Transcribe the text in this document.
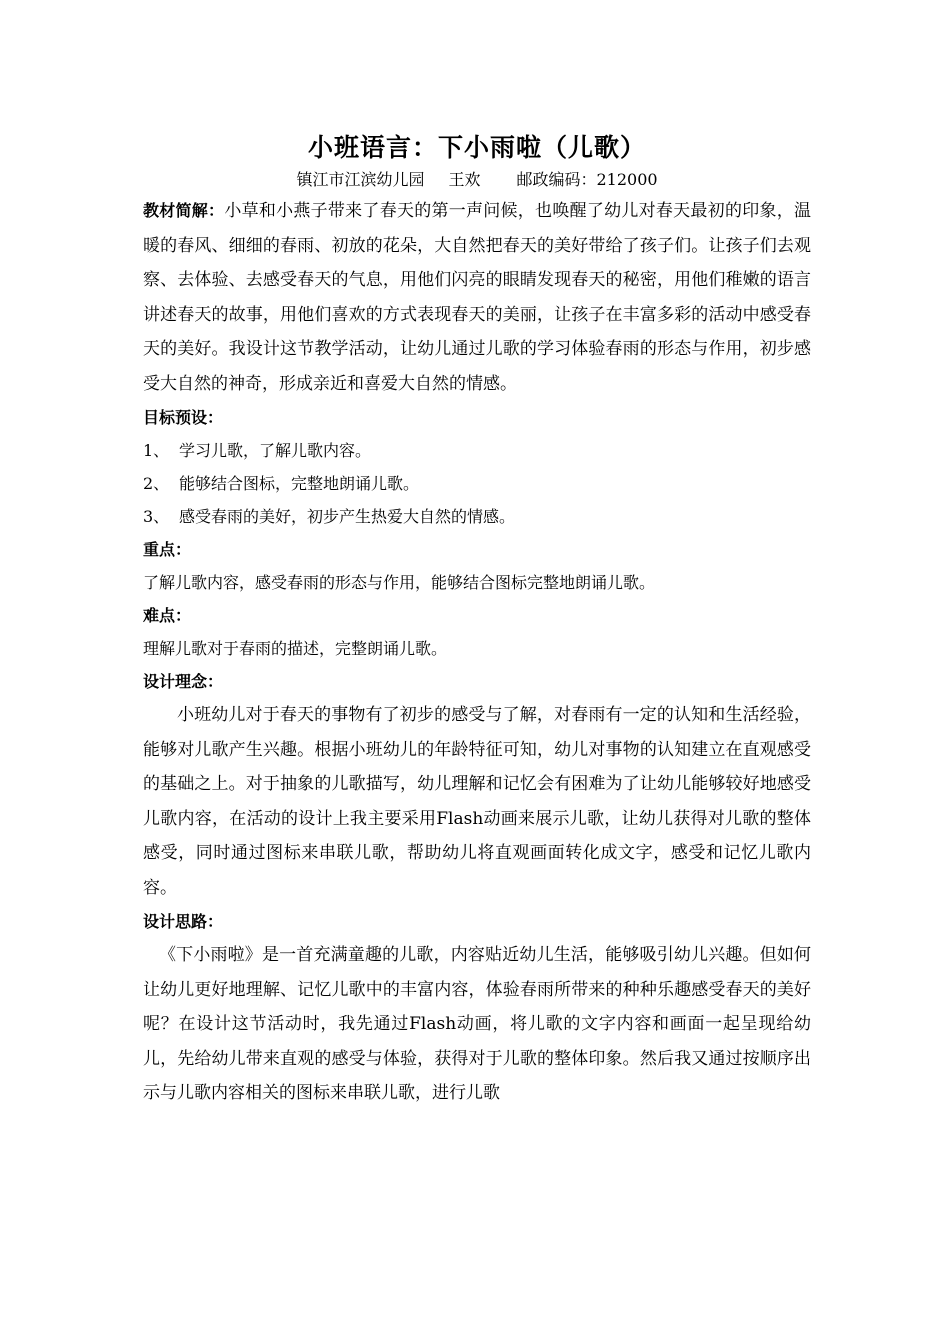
小班语言：下小雨啦（儿歌）
镇江市江滨幼儿园 王欢 邮政编码：212000

教材简解：小草和小燕子带来了春天的第一声问候，也唤醒了幼儿对春天最初的印象，温暖的春风、细细的春雨、初放的花朵，大自然把春天的美好带给了孩子们。让孩子们去观察、去体验、去感受春天的气息，用他们闪亮的眼睛发现春天的秘密，用他们稚嫩的语言讲述春天的故事，用他们喜欢的方式表现春天的美丽，让孩子在丰富多彩的活动中感受春天的美好。我设计这节教学活动，让幼儿通过儿歌的学习体验春雨的形态与作用，初步感受大自然的神奇，形成亲近和喜爱大自然的情感。

目标预设：
1、 学习儿歌，了解儿歌内容。
2、 能够结合图标，完整地朗诵儿歌。
3、 感受春雨的美好，初步产生热爱大自然的情感。
重点：

了解儿歌内容，感受春雨的形态与作用，能够结合图标完整地朗诵儿歌。

难点：

理解儿歌对于春雨的描述，完整朗诵儿歌。

设计理念：

小班幼儿对于春天的事物有了初步的感受与了解，对春雨有一定的认知和生活经验，能够对儿歌产生兴趣。根据小班幼儿的年龄特征可知，幼儿对事物的认知建立在直观感受的基础之上。对于抽象的儿歌描写，幼儿理解和记忆会有困难为了让幼儿能够较好地感受儿歌内容，在活动的设计上我主要采用Flash动画来展示儿歌，让幼儿获得对儿歌的整体感受，同时通过图标来串联儿歌，帮助幼儿将直观画面转化成文字，感受和记忆儿歌内容。

设计思路：

《下小雨啦》是一首充满童趣的儿歌，内容贴近幼儿生活，能够吸引幼儿兴趣。但如何让幼儿更好地理解、记忆儿歌中的丰富内容，体验春雨所带来的种种乐趣感受春天的美好呢？在设计这节活动时，我先通过Flash动画，将儿歌的文字内容和画面一起呈现给幼儿，先给幼儿带来直观的感受与体验，获得对于儿歌的整体印象。然后我又通过按顺序出示与儿歌内容相关的图标来串联儿歌，进行儿歌
